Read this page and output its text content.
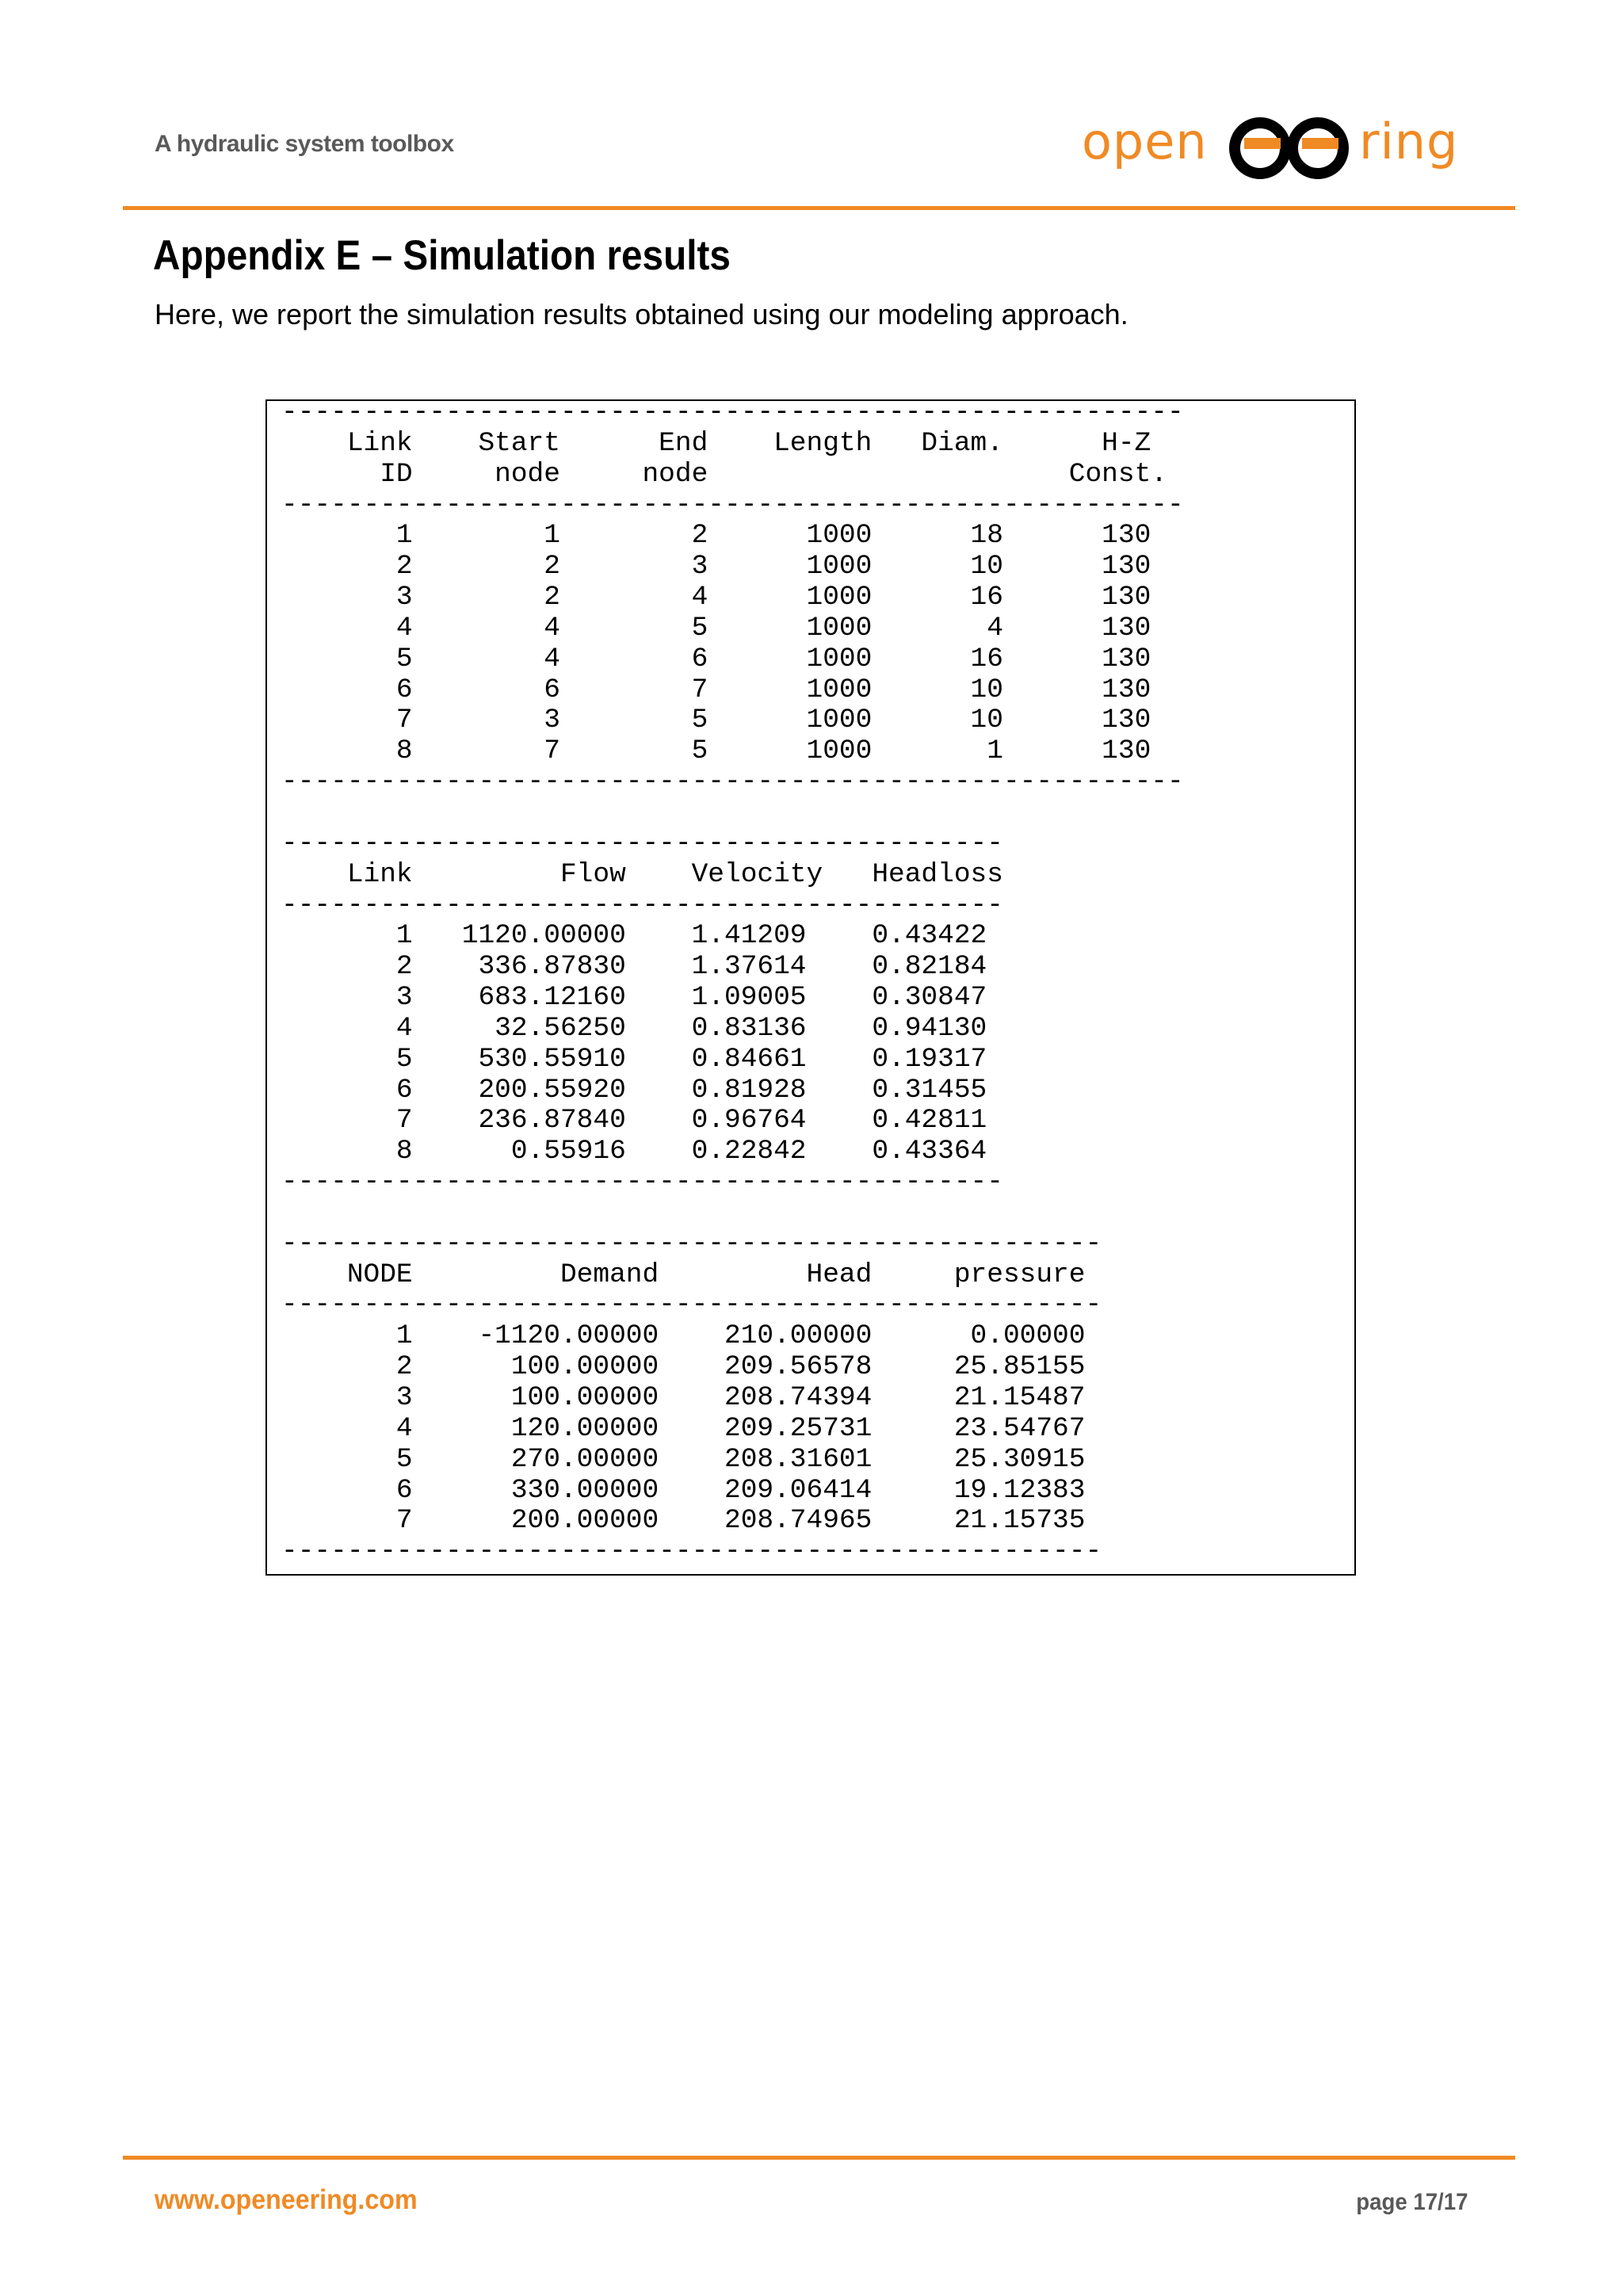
A hydraulic system toolbox	open	ring
Appendix E – Simulation results
Here, we report the simulation results obtained using our modeling approach.
-------------------------------------------------------
Link    Start      End    Length   Diam.      H-Z
ID     node     node                      Const.
-------------------------------------------------------
1        1        2      1000      18      130
2        2        3      1000      10      130
3        2        4      1000      16      130
4        4        5      1000       4      130
5        4        6      1000      16      130
6        6        7      1000      10      130
7        3        5      1000      10      130
8        7        5      1000       1      130
-------------------------------------------------------

--------------------------------------------
Link         Flow    Velocity   Headloss
--------------------------------------------
1   1120.00000    1.41209    0.43422
2    336.87830    1.37614    0.82184
3    683.12160    1.09005    0.30847
4     32.56250    0.83136    0.94130
5    530.55910    0.84661    0.19317
6    200.55920    0.81928    0.31455
7    236.87840    0.96764    0.42811
8      0.55916    0.22842    0.43364
--------------------------------------------

--------------------------------------------------
NODE         Demand         Head     pressure
--------------------------------------------------
1    -1120.00000    210.00000      0.00000
2      100.00000    209.56578     25.85155
3      100.00000    208.74394     21.15487
4      120.00000    209.25731     23.54767
5      270.00000    208.31601     25.30915
6      330.00000    209.06414     19.12383
7      200.00000    208.74965     21.15735
--------------------------------------------------
www.openeering.com	page 17/17
